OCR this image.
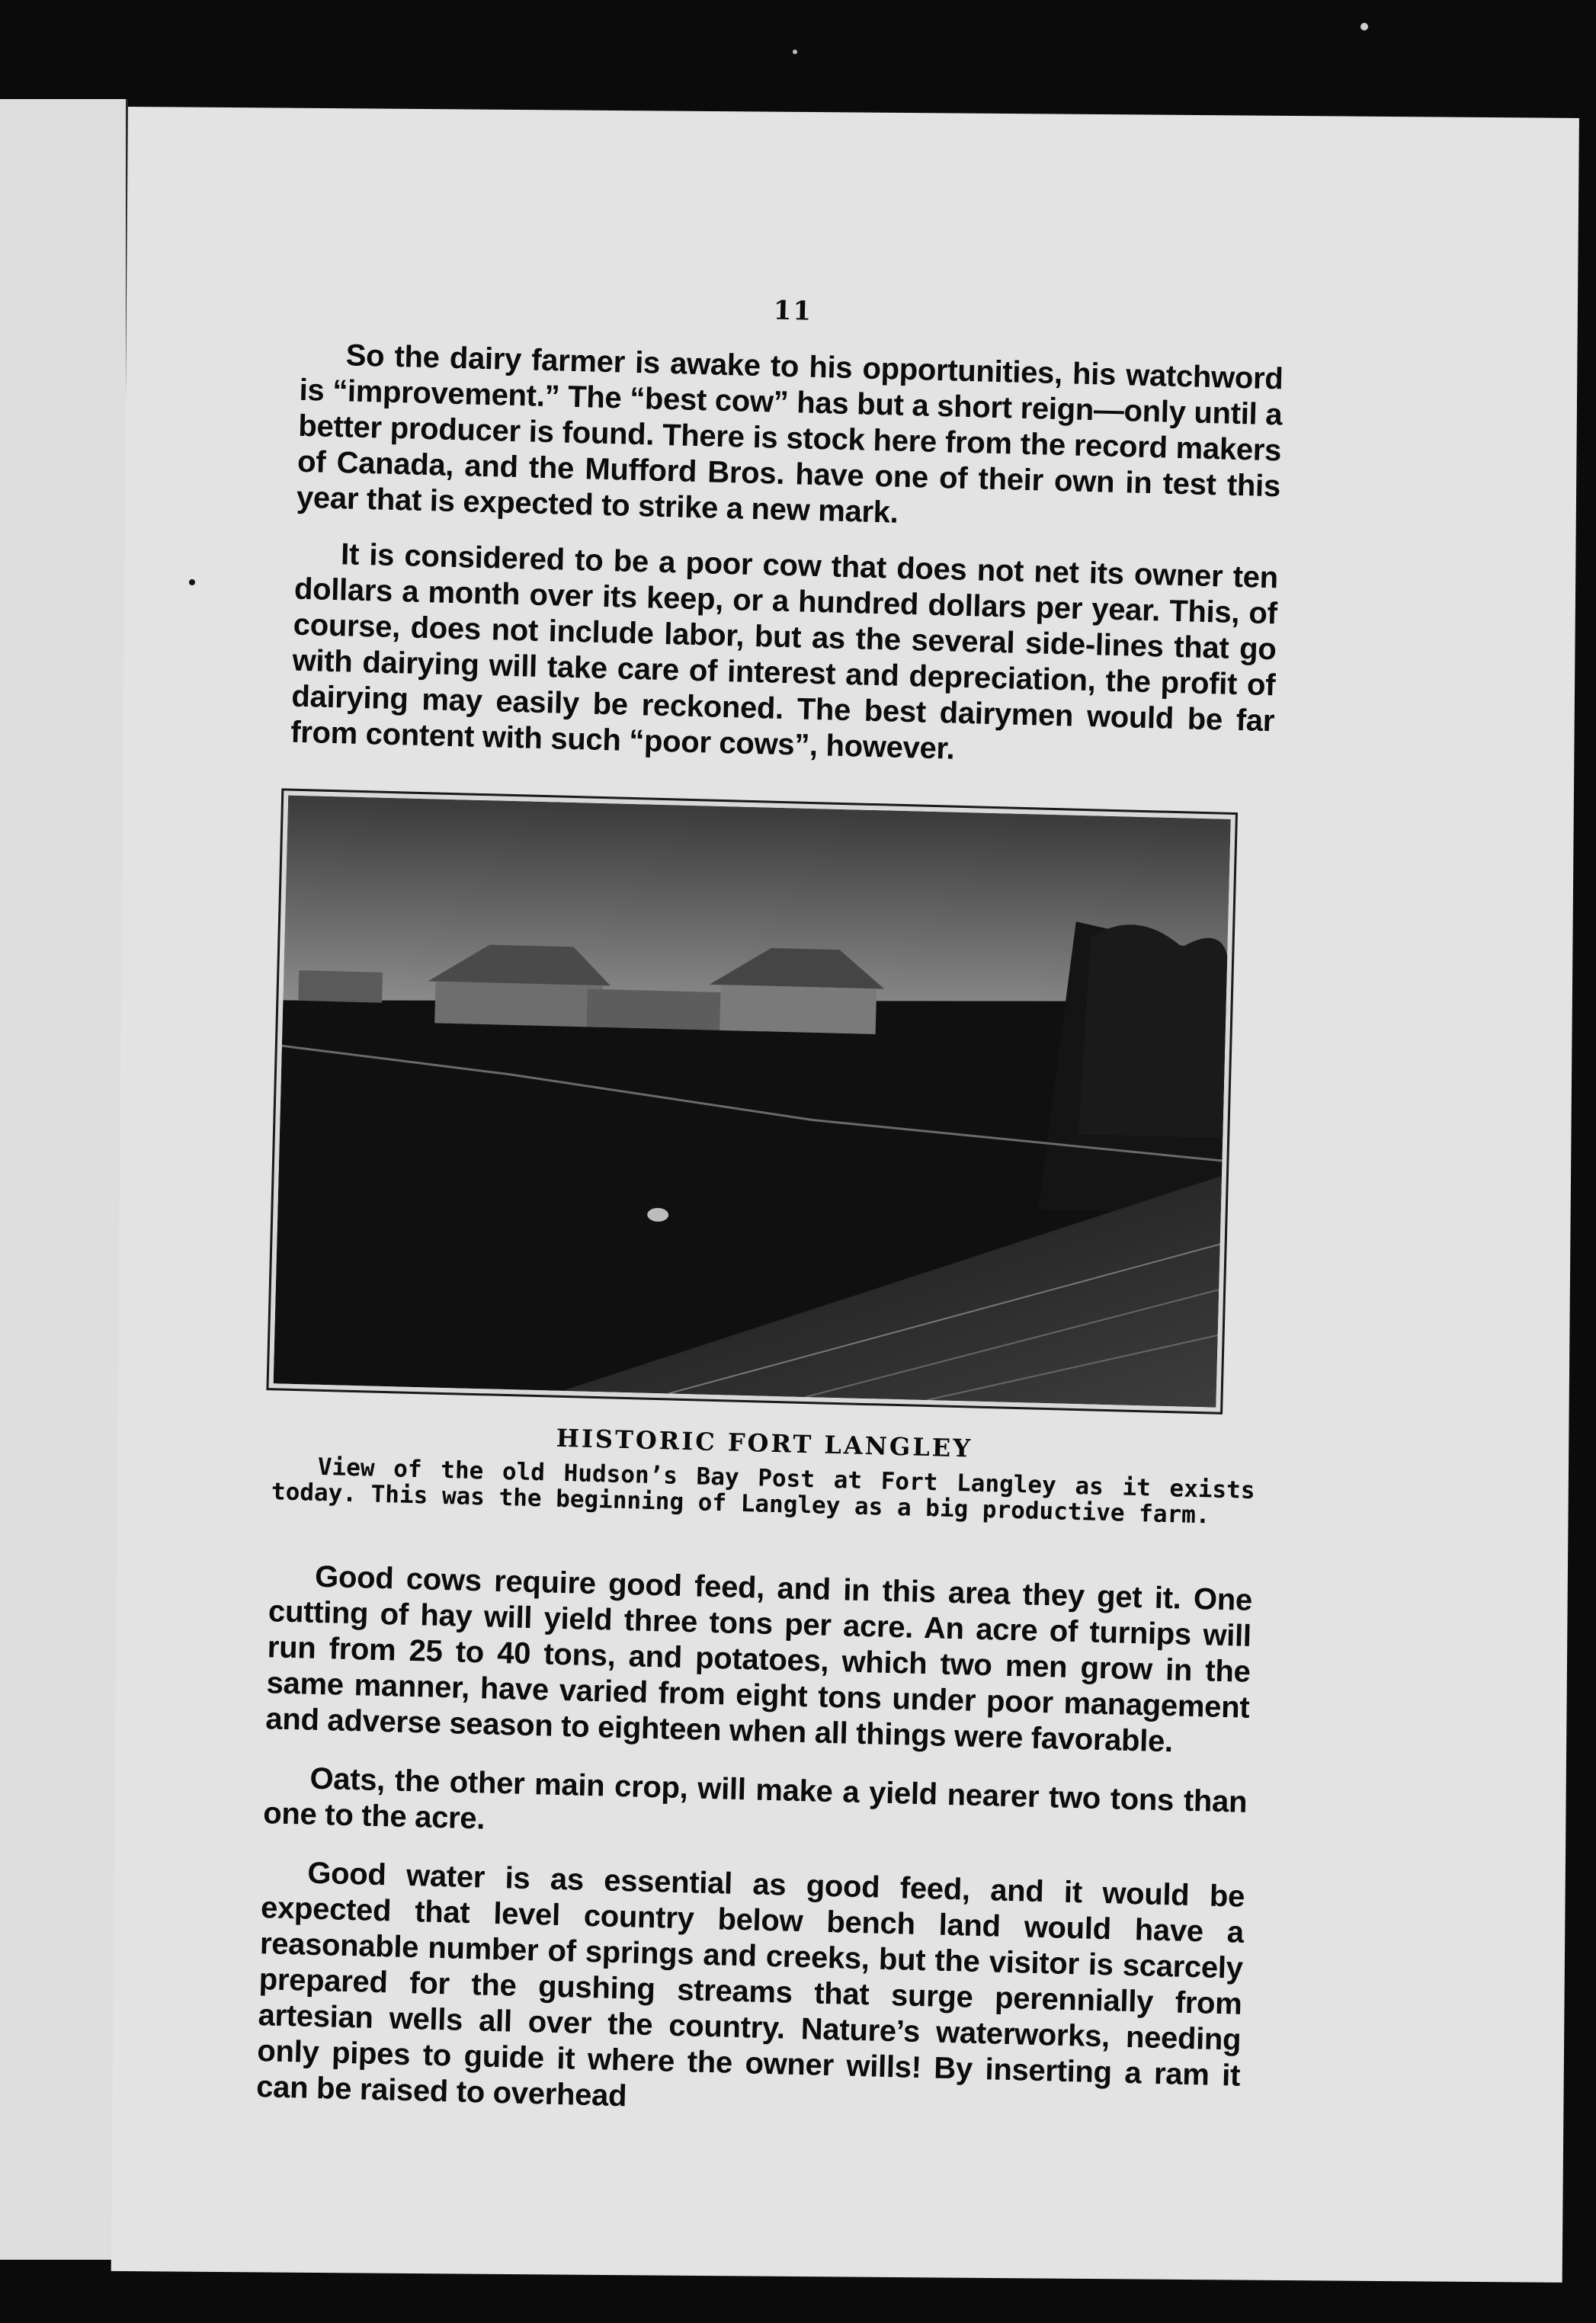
11

So the dairy farmer is awake to his opportunities, his watchword is “improvement.” The “best cow” has but a short reign—only until a better producer is found. There is stock here from the record makers of Canada, and the Mufford Bros. have one of their own in test this year that is expected to strike a new mark.

It is considered to be a poor cow that does not net its owner ten dollars a month over its keep, or a hundred dollars per year. This, of course, does not include labor, but as the several side-lines that go with dairying will take care of interest and depreciation, the profit of dairying may easily be reckoned. The best dairymen would be far from content with such “poor cows”, however.

HISTORIC FORT LANGLEY

View of the old Hudson’s Bay Post at Fort Langley as it exists today. This was the beginning of Langley as a big productive farm.

Good cows require good feed, and in this area they get it. One cutting of hay will yield three tons per acre. An acre of turnips will run from 25 to 40 tons, and potatoes, which two men grow in the same manner, have varied from eight tons under poor management and adverse season to eighteen when all things were favorable.

Oats, the other main crop, will make a yield nearer two tons than one to the acre.

Good water is as essential as good feed, and it would be expected that level country below bench land would have a reasonable number of springs and creeks, but the visitor is scarcely prepared for the gushing streams that surge perennially from artesian wells all over the country. Nature’s waterworks, needing only pipes to guide it where the owner wills! By inserting a ram it can be raised to overhead
